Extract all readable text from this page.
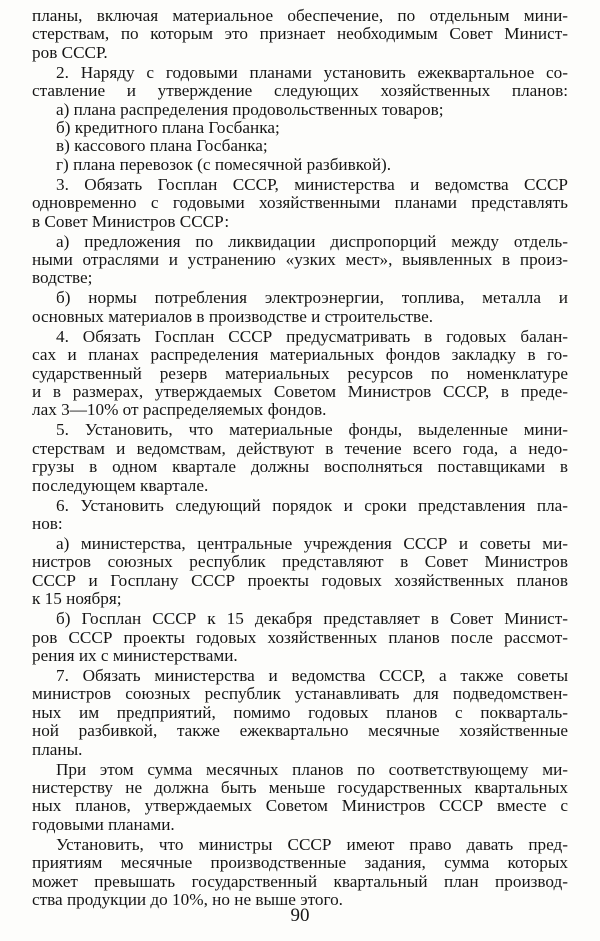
планы, включая материальное обеспечение, по отдельным мини-
стерствам, по которым это признает необходимым Совет Минист-
ров СССР.
2. Наряду с годовыми планами установить ежеквартальное со-
ставление и утверждение следующих хозяйственных планов:
а) плана распределения продовольственных товаров;
б) кредитного плана Госбанка;
в) кассового плана Госбанка;
г) плана перевозок (с помесячной разбивкой).
3. Обязать Госплан СССР, министерства и ведомства СССР
одновременно с годовыми хозяйственными планами представлять
в Совет Министров СССР:
а) предложения по ликвидации диспропорций между отдель-
ными отраслями и устранению «узких мест», выявленных в произ-
водстве;
б) нормы потребления электроэнергии, топлива, металла и
основных материалов в производстве и строительстве.
4. Обязать Госплан СССР предусматривать в годовых балан-
сах и планах распределения материальных фондов закладку в го-
сударственный резерв материальных ресурсов по номенклатуре
и в размерах, утверждаемых Советом Министров СССР, в преде-
лах 3—10% от распределяемых фондов.
5. Установить, что материальные фонды, выделенные мини-
стерствам и ведомствам, действуют в течение всего года, а недо-
грузы в одном квартале должны восполняться поставщиками в
последующем квартале.
6. Установить следующий порядок и сроки представления пла-
нов:
а) министерства, центральные учреждения СССР и советы ми-
нистров союзных республик представляют в Совет Министров
СССР и Госплану СССР проекты годовых хозяйственных планов
к 15 ноября;
б) Госплан СССР к 15 декабря представляет в Совет Минист-
ров СССР проекты годовых хозяйственных планов после рассмот-
рения их с министерствами.
7. Обязать министерства и ведомства СССР, а также советы
министров союзных республик устанавливать для подведомствен-
ных им предприятий, помимо годовых планов с покварталь-
ной разбивкой, также ежеквартально месячные хозяйственные
планы.
При этом сумма месячных планов по соответствующему ми-
нистерству не должна быть меньше государственных квартальных
ных планов, утверждаемых Советом Министров СССР вместе с
годовыми планами.
Установить, что министры СССР имеют право давать пред-
приятиям месячные производственные задания, сумма которых
может превышать государственный квартальный план производ-
ства продукции до 10%, но не выше этого.
90
